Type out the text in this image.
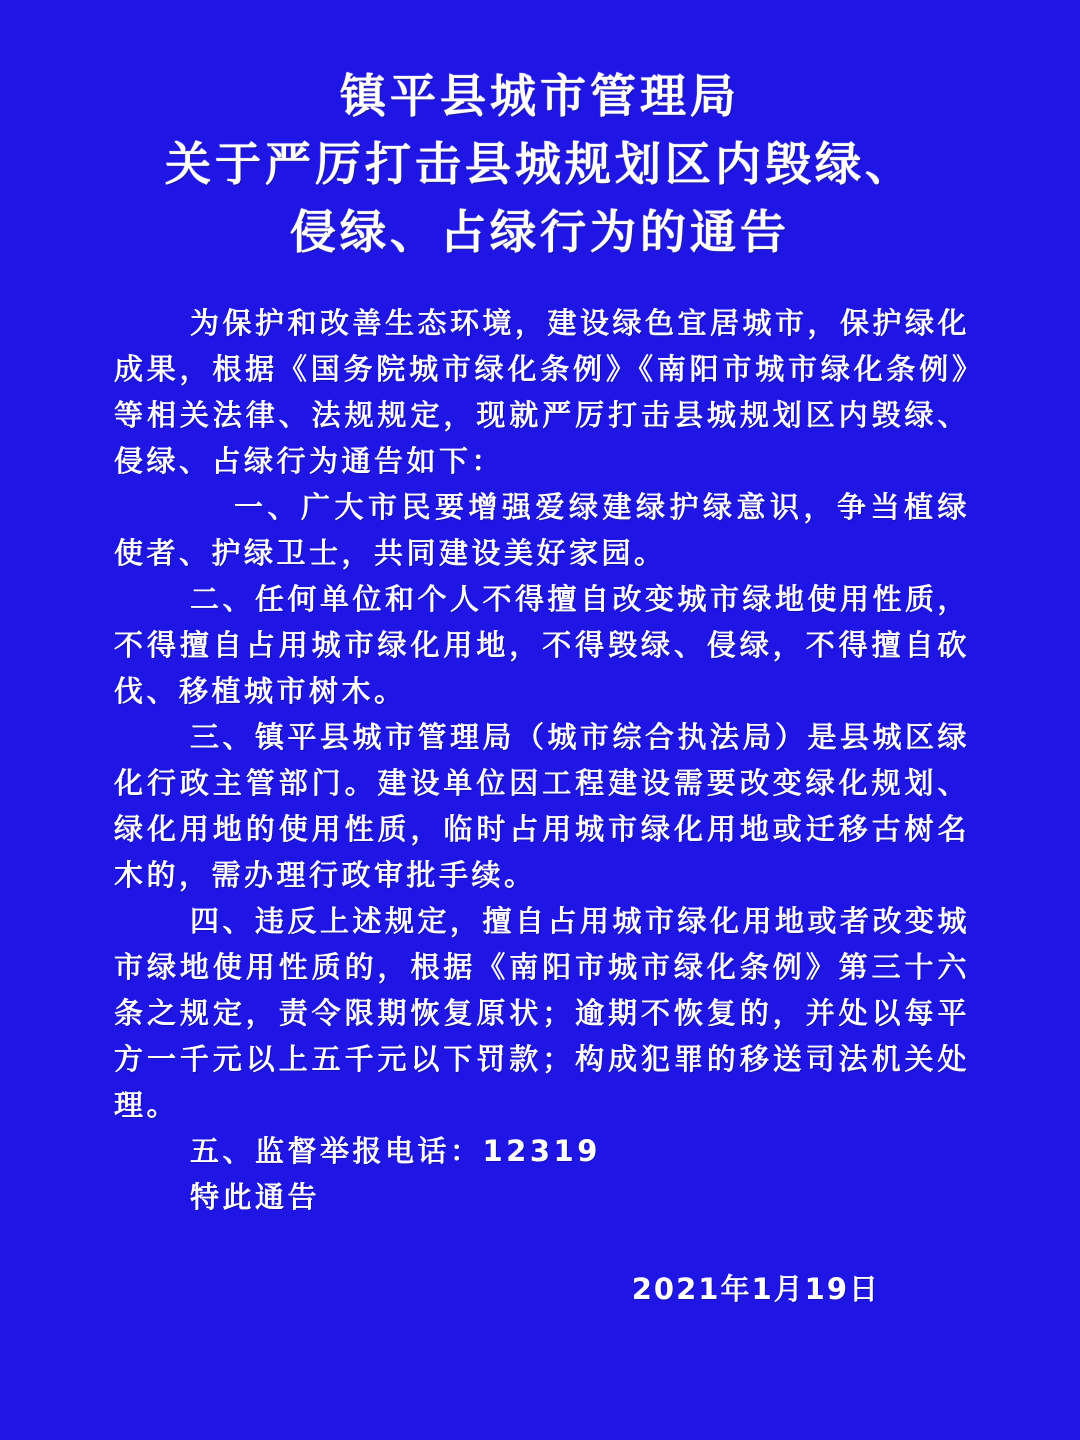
镇平县城市管理局
关于严厉打击县城规划区内毁绿、
侵绿、占绿行为的通告

为保护和改善生态环境，建设绿色宜居城市，保护绿化成果，根据《国务院城市绿化条例》《南阳市城市绿化条例》等相关法律、法规规定，现就严厉打击县城规划区内毁绿、侵绿、占绿行为通告如下：

一、广大市民要增强爱绿建绿护绿意识，争当植绿使者、护绿卫士，共同建设美好家园。

二、任何单位和个人不得擅自改变城市绿地使用性质，不得擅自占用城市绿化用地，不得毁绿、侵绿，不得擅自砍伐、移植城市树木。

三、镇平县城市管理局（城市综合执法局）是县城区绿化行政主管部门。建设单位因工程建设需要改变绿化规划、绿化用地的使用性质，临时占用城市绿化用地或迁移古树名木的，需办理行政审批手续。

四、违反上述规定，擅自占用城市绿化用地或者改变城市绿地使用性质的，根据《南阳市城市绿化条例》第三十六条之规定，责令限期恢复原状；逾期不恢复的，并处以每平方一千元以上五千元以下罚款；构成犯罪的移送司法机关处理。

五、监督举报电话：12319

特此通告

2021年1月19日
